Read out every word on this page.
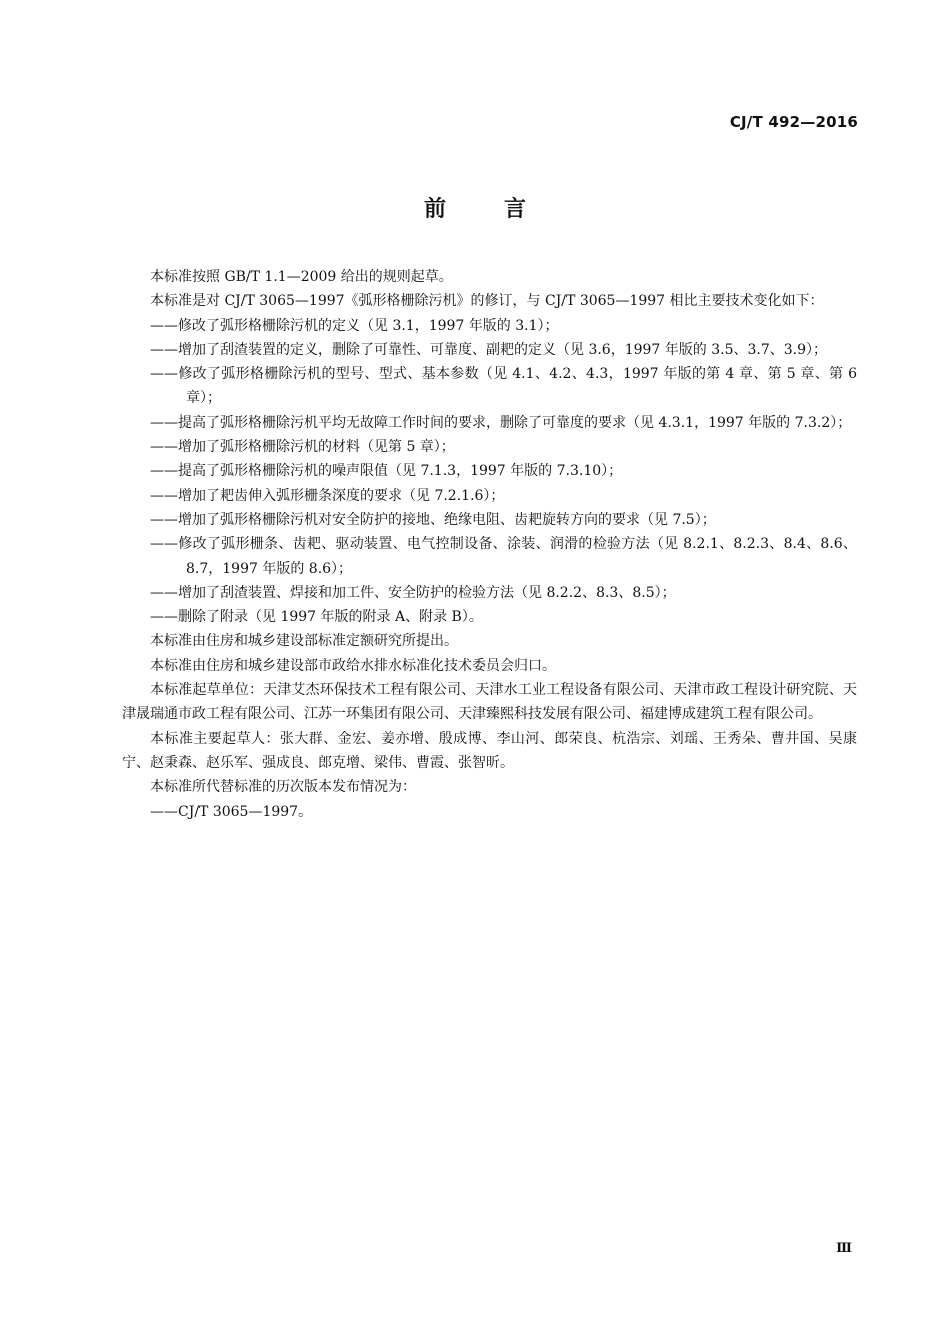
CJ/T 492—2016
前	言

本标准按照 GB/T 1.1—2009 给出的规则起草。

本标准是对 CJ/T 3065—1997《弧形格栅除污机》的修订，与 CJ/T 3065—1997 相比主要技术变化如下：

——修改了弧形格栅除污机的定义（见 3.1，1997 年版的 3.1）；

——增加了刮渣装置的定义，删除了可靠性、可靠度、副耙的定义（见 3.6，1997 年版的 3.5、3.7、3.9）；

——修改了弧形格栅除污机的型号、型式、基本参数（见 4.1、4.2、4.3，1997 年版的第 4 章、第 5 章、第 6 章）；

——提高了弧形格栅除污机平均无故障工作时间的要求，删除了可靠度的要求（见 4.3.1，1997 年版的 7.3.2）；

——增加了弧形格栅除污机的材料（见第 5 章）；

——提高了弧形格栅除污机的噪声限值（见 7.1.3，1997 年版的 7.3.10）；

——增加了耙齿伸入弧形栅条深度的要求（见 7.2.1.6）；

——增加了弧形格栅除污机对安全防护的接地、绝缘电阻、齿耙旋转方向的要求（见 7.5）；

——修改了弧形栅条、齿耙、驱动装置、电气控制设备、涂装、润滑的检验方法（见 8.2.1、8.2.3、8.4、8.6、8.7，1997 年版的 8.6）；

——增加了刮渣装置、焊接和加工件、安全防护的检验方法（见 8.2.2、8.3、8.5）；

——删除了附录（见 1997 年版的附录 A、附录 B）。

本标准由住房和城乡建设部标准定额研究所提出。

本标准由住房和城乡建设部市政给水排水标准化技术委员会归口。

本标准起草单位：天津艾杰环保技术工程有限公司、天津水工业工程设备有限公司、天津市政工程设计研究院、天津晟瑞通市政工程有限公司、江苏一环集团有限公司、天津臻熙科技发展有限公司、福建博成建筑工程有限公司。

本标准主要起草人：张大群、金宏、姜亦增、殷成博、李山河、郎荣良、杭浩宗、刘瑶、王秀朵、曹井国、吴康宁、赵秉森、赵乐军、强成良、郎克增、梁伟、曹霞、张智昕。

本标准所代替标准的历次版本发布情况为：

——CJ/T 3065—1997。

Ⅲ
